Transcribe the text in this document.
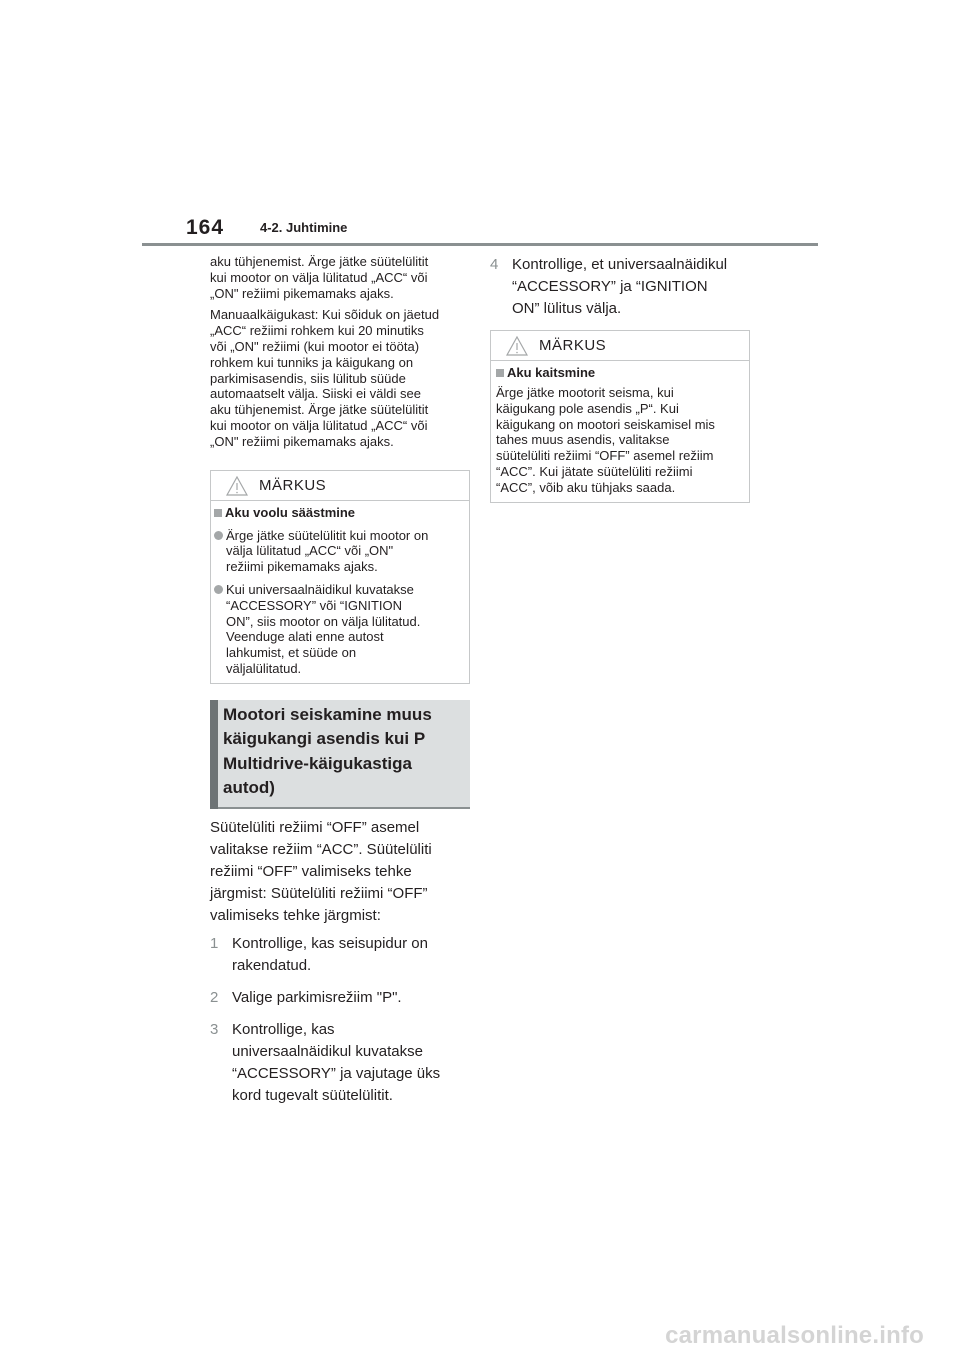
164	4-2. Juhtimine
aku tühjenemist. Ärge jätke süütelülitit
kui mootor on välja lülitatud „ACC“ või
„ON" režiimi pikemamaks ajaks.
Manuaalkäigukast: Kui sõiduk on jäetud
„ACC“ režiimi rohkem kui 20 minutiks
või „ON" režiimi (kui mootor ei tööta)
rohkem kui tunniks ja käigukang on
parkimisasendis, siis lülitub süüde
automaatselt välja. Siiski ei väldi see
aku tühjenemist. Ärge jätke süütelülitit
kui mootor on välja lülitatud „ACC“ või
„ON" režiimi pikemamaks ajaks.
MÄRKUS
Aku voolu säästmine
Ärge jätke süütelülitit kui mootor on
välja lülitatud „ACC“ või „ON"
režiimi pikemamaks ajaks.
Kui universaalnäidikul kuvatakse
“ACCESSORY” või “IGNITION
ON”, siis mootor on välja lülitatud.
Veenduge alati enne autost
lahkumist, et süüde on
väljalülitatud.
Mootori seiskamine muus
käigukangi asendis kui P
Multidrive-käigukastiga
autod)
Süütelüliti režiimi “OFF” asemel
valitakse režiim “ACC”. Süütelüliti
režiimi “OFF” valimiseks tehke
järgmist: Süütelüliti režiimi “OFF”
valimiseks tehke järgmist:
1 Kontrollige, kas seisupidur on
rakendatud.
2 Valige parkimisrežiim "P".
3 Kontrollige, kas
universaalnäidikul kuvatakse
“ACCESSORY” ja vajutage üks
kord tugevalt süütelülitit.
4 Kontrollige, et universaalnäidikul
“ACCESSORY” ja “IGNITION
ON” lülitus välja.
MÄRKUS
Aku kaitsmine
Ärge jätke mootorit seisma, kui
käigukang pole asendis „P“. Kui
käigukang on mootori seiskamisel mis
tahes muus asendis, valitakse
süütelüliti režiimi “OFF” asemel režiim
“ACC”. Kui jätate süütelüliti režiimi
“ACC”, võib aku tühjaks saada.
carmanualsonline.info
